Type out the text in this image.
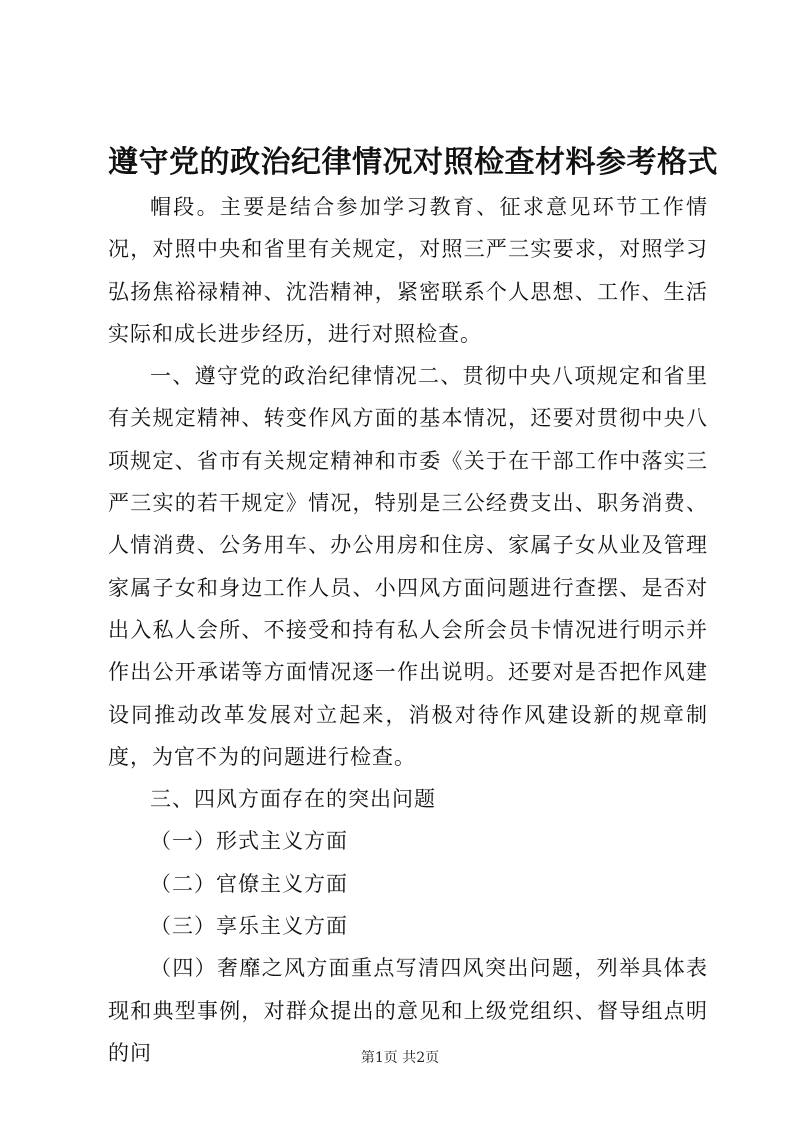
遵守党的政治纪律情况对照检查材料参考格式

帽段。主要是结合参加学习教育、征求意见环节工作情况，对照中央和省里有关规定，对照三严三实要求，对照学习弘扬焦裕禄精神、沈浩精神，紧密联系个人思想、工作、生活实际和成长进步经历，进行对照检查。

一、遵守党的政治纪律情况二、贯彻中央八项规定和省里有关规定精神、转变作风方面的基本情况，还要对贯彻中央八项规定、省市有关规定精神和市委《关于在干部工作中落实三严三实的若干规定》情况，特别是三公经费支出、职务消费、人情消费、公务用车、办公用房和住房、家属子女从业及管理家属子女和身边工作人员、小四风方面问题进行查摆、是否对出入私人会所、不接受和持有私人会所会员卡情况进行明示并作出公开承诺等方面情况逐一作出说明。还要对是否把作风建设同推动改革发展对立起来，消极对待作风建设新的规章制度，为官不为的问题进行检查。

三、四风方面存在的突出问题

（一）形式主义方面

（二）官僚主义方面

（三）享乐主义方面

（四）奢靡之风方面重点写清四风突出问题，列举具体表现和典型事例，对群众提出的意见和上级党组织、督导组点明的问	第1页 共2页
